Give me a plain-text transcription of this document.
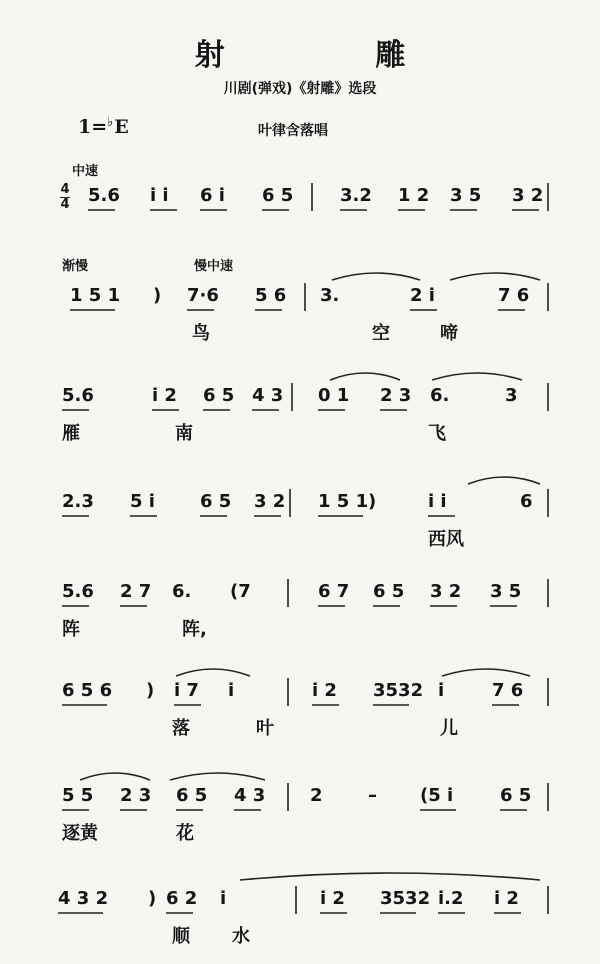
射 雕
川剧(弹戏)《射雕》选段
1=♭E	叶律含落唱
中速
渐慢	慢中速
4
4 5.6 i i 6 i 6 5	3.2 1 2 3 5 3 2
1 5 1 ) 7·6 5 6 3.	2 i	7 6
鸟	空	啼
5.6	i 2 6 5 4 3 0 1 2 3 6.	3
雁	南	飞
2.3 5 i	6 5 3 2 1 5 1 )	i i	6
西风
5.6 2 7 6. (7	6 7 6 5 3 2 3 5
阵	阵,
6 5 6 ) i 7 i	i 2 3532 i	7 6
落	叶	儿
5 5 2 3 6 5 4 3 2	– (5 i	6 5
逐黄	花
4 3 2 ) 6 2 i	i 2 3532 i.2 i 2
顺 水
